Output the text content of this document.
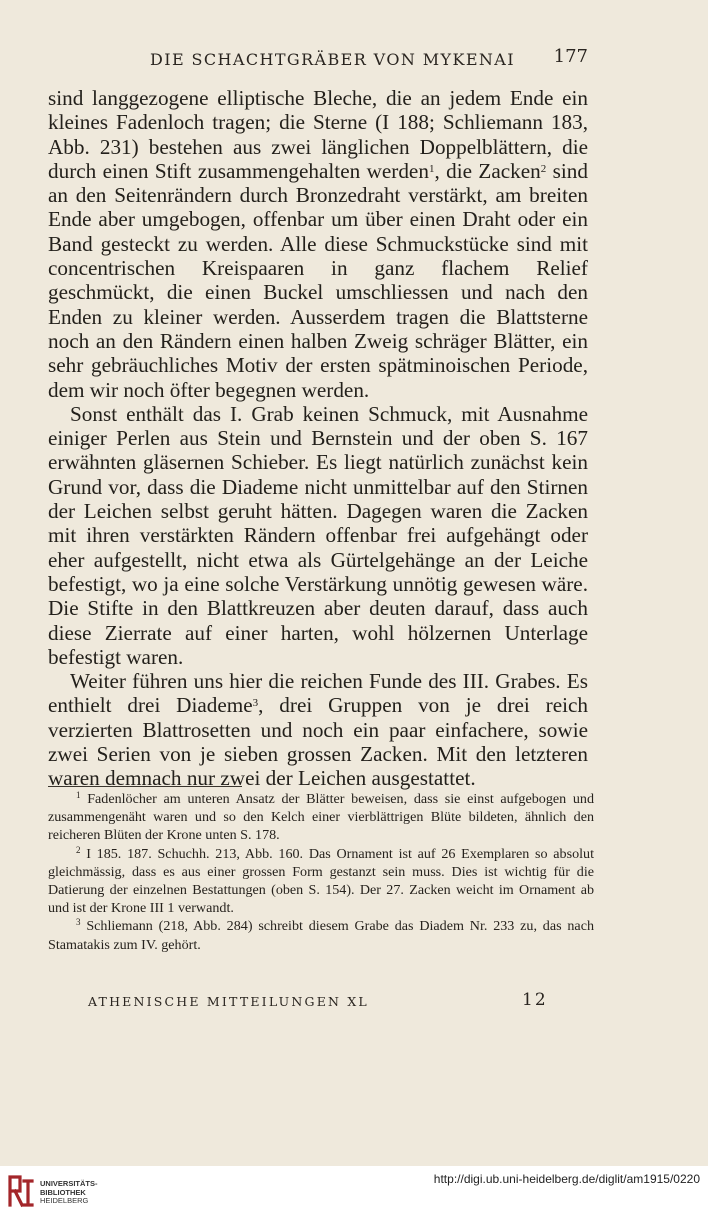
DIE SCHACHTGRÄBER VON MYKENAI 177

sind langgezogene elliptische Bleche, die an jedem Ende ein kleines Fadenloch tragen; die Sterne (I 188; Schliemann 183, Abb. 231) bestehen aus zwei länglichen Doppelblättern, die durch einen Stift zusammengehalten werden$^1$, die Zacken$^2$ sind an den Seitenrändern durch Bronzedraht verstärkt, am breiten Ende aber umgebogen, offenbar um über einen Draht oder ein Band gesteckt zu werden. Alle diese Schmuckstücke sind mit concentrischen Kreispaaren in ganz flachem Relief geschmückt, die einen Buckel umschliessen und nach den Enden zu kleiner werden. Ausserdem tragen die Blattsterne noch an den Rändern einen halben Zweig schräger Blätter, ein sehr gebräuchliches Motiv der ersten spätminoischen Periode, dem wir noch öfter begegnen werden.

Sonst enthält das I. Grab keinen Schmuck, mit Ausnahme einiger Perlen aus Stein und Bernstein und der oben S. 167 erwähnten gläsernen Schieber. Es liegt natürlich zunächst kein Grund vor, dass die Diademe nicht unmittelbar auf den Stirnen der Leichen selbst geruht hätten. Dagegen waren die Zacken mit ihren verstärkten Rändern offenbar frei aufgehängt oder eher aufgestellt, nicht etwa als Gürtelgehänge an der Leiche befestigt, wo ja eine solche Verstärkung unnötig gewesen wäre. Die Stifte in den Blattkreuzen aber deuten darauf, dass auch diese Zierrate auf einer harten, wohl hölzernen Unterlage befestigt waren.

Weiter führen uns hier die reichen Funde des III. Grabes. Es enthielt drei Diademe$^3$, drei Gruppen von je drei reich verzierten Blattrosetten und noch ein paar einfachere, sowie zwei Serien von je sieben grossen Zacken. Mit den letzteren waren demnach nur zwei der Leichen ausgestattet.

$^1$ Fadenlöcher am unteren Ansatz der Blätter beweisen, dass sie einst aufgebogen und zusammengenäht waren und so den Kelch einer vierblättrigen Blüte bildeten, ähnlich den reicheren Blüten der Krone unten S. 178.

$^2$ I 185. 187. Schuchh. 213, Abb. 160. Das Ornament ist auf 26 Exemplaren so absolut gleichmässig, dass es aus einer grossen Form gestanzt sein muss. Dies ist wichtig für die Datierung der einzelnen Bestattungen (oben S. 154). Der 27. Zacken weicht im Ornament ab und ist der Krone III 1 verwandt.

$^3$ Schliemann (218, Abb. 284) schreibt diesem Grabe das Diadem Nr. 233 zu, das nach Stamatakis zum IV. gehört.

ATHENISCHE MITTEILUNGEN XL	12
UNIVERSITÄTS-
BIBLIOTHEK
HEIDELBERG
http://digi.ub.uni-heidelberg.de/diglit/am1915/0220
